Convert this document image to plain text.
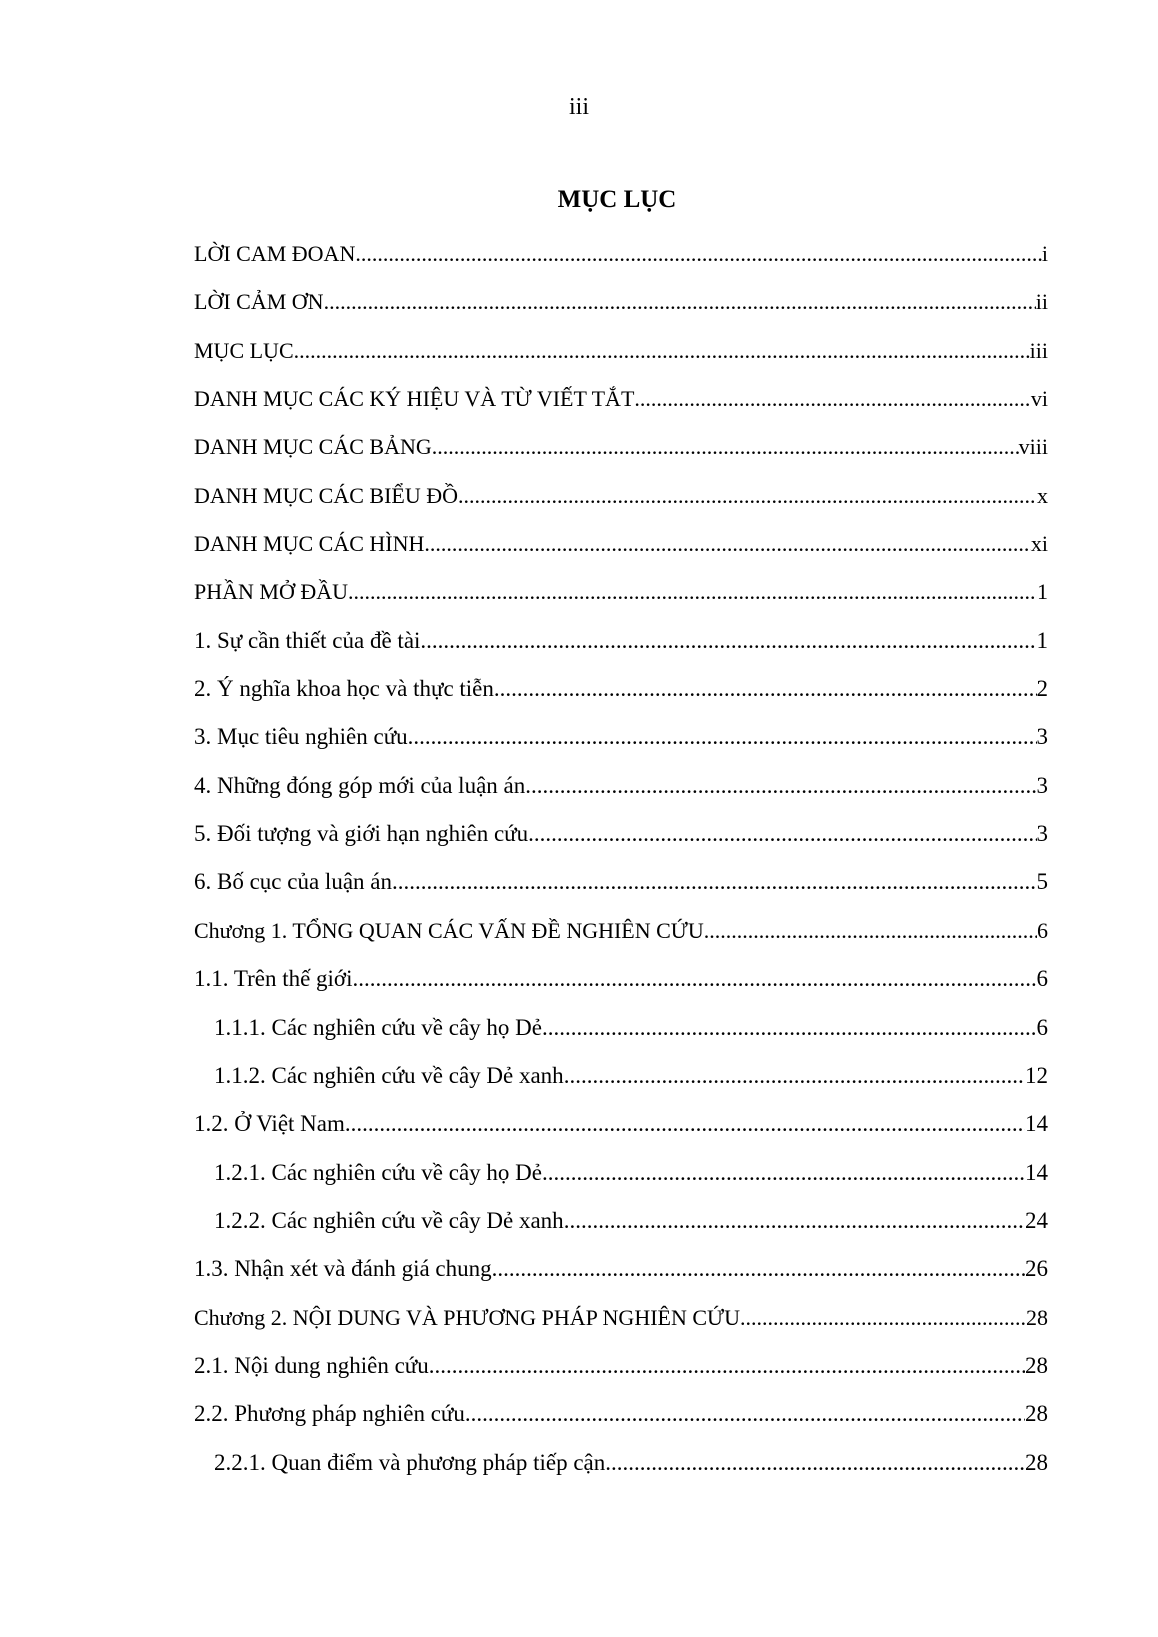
iii
MỤC LỤC
LỜI CAM ĐOAN .....	i
LỜI CẢM ƠN .....	ii
MỤC LỤC .....	iii
DANH MỤC CÁC KÝ HIỆU VÀ TỪ VIẾT TẮT .....	vi
DANH MỤC CÁC BẢNG .....	viii
DANH MỤC CÁC BIỂU ĐỒ .....	x
DANH MỤC CÁC HÌNH .....	xi
PHẦN MỞ ĐẦU .....	1
1. Sự cần thiết của đề tài .....	1
2. Ý nghĩa khoa học và thực tiễn .....	2
3. Mục tiêu nghiên cứu .....	3
4. Những đóng góp mới của luận án .....	3
5. Đối tượng và giới hạn nghiên cứu .....	3
6. Bố cục của luận án .....	5
Chương 1. TỔNG QUAN CÁC VẤN ĐỀ NGHIÊN CỨU .....	6
1.1. Trên thế giới .....	6
1.1.1. Các nghiên cứu về cây họ Dẻ .....	6
1.1.2. Các nghiên cứu về cây Dẻ xanh .....	12
1.2. Ở Việt Nam .....	14
1.2.1. Các nghiên cứu về cây họ Dẻ .....	14
1.2.2. Các nghiên cứu về cây Dẻ xanh .....	24
1.3. Nhận xét và đánh giá chung .....	26
Chương 2. NỘI DUNG VÀ PHƯƠNG PHÁP NGHIÊN CỨU .....	28
2.1. Nội dung nghiên cứu .....	28
2.2. Phương pháp nghiên cứu .....	28
2.2.1. Quan điểm và phương pháp tiếp cận .....	28
